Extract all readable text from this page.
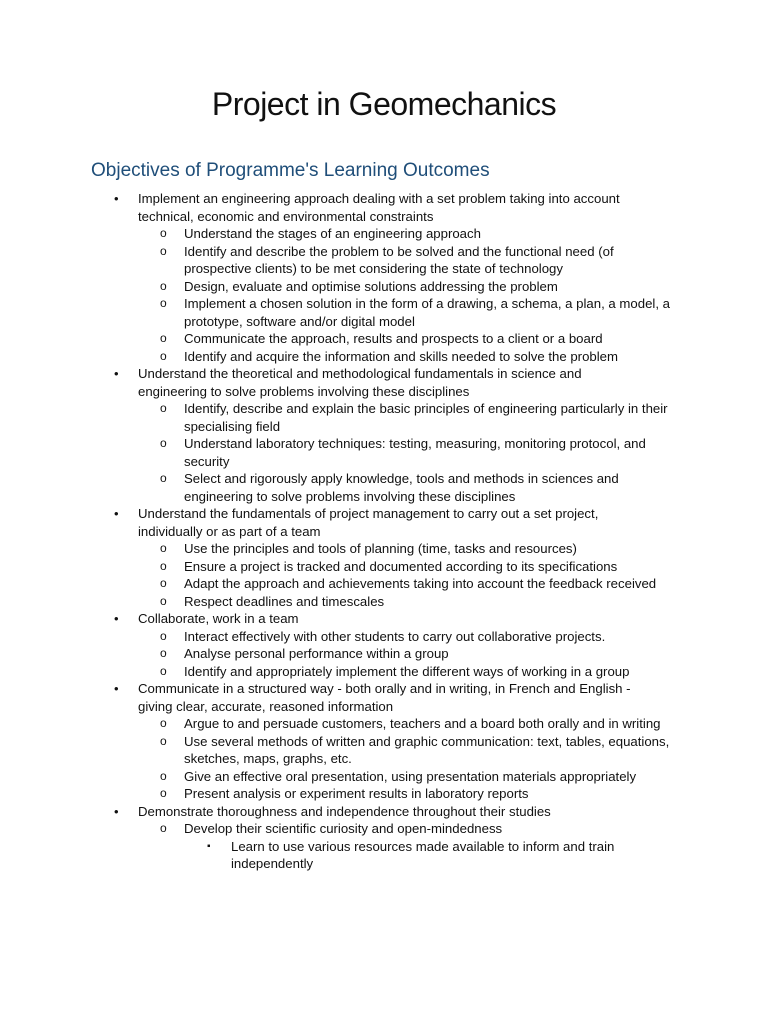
Project in Geomechanics
Objectives of Programme's Learning Outcomes
• Implement an engineering approach dealing with a set problem taking into account technical, economic and environmental constraints
o Understand the stages of an engineering approach
o Identify and describe the problem to be solved and the functional need (of prospective clients) to be met considering the state of technology
o Design, evaluate and optimise solutions addressing the problem
o Implement a chosen solution in the form of a drawing, a schema, a plan, a model, a prototype, software and/or digital model
o Communicate the approach, results and prospects to a client or a board
o Identify and acquire the information and skills needed to solve the problem
• Understand the theoretical and methodological fundamentals in science and engineering to solve problems involving these disciplines
o Identify, describe and explain the basic principles of engineering particularly in their specialising field
o Understand laboratory techniques: testing, measuring, monitoring protocol, and security
o Select and rigorously apply knowledge, tools and methods in sciences and engineering to solve problems involving these disciplines
• Understand the fundamentals of project management to carry out a set project, individually or as part of a team
o Use the principles and tools of planning (time, tasks and resources)
o Ensure a project is tracked and documented according to its specifications
o Adapt the approach and achievements taking into account the feedback received
o Respect deadlines and timescales
• Collaborate, work in a team
o Interact effectively with other students to carry out collaborative projects.
o Analyse personal performance within a group
o Identify and appropriately implement the different ways of working in a group
• Communicate in a structured way - both orally and in writing, in French and English - giving clear, accurate, reasoned information
o Argue to and persuade customers, teachers and a board both orally and in writing
o Use several methods of written and graphic communication: text, tables, equations, sketches, maps, graphs, etc.
o Give an effective oral presentation, using presentation materials appropriately
o Present analysis or experiment results in laboratory reports
• Demonstrate thoroughness and independence throughout their studies
o Develop their scientific curiosity and open-mindedness
▪ Learn to use various resources made available to inform and train independently
